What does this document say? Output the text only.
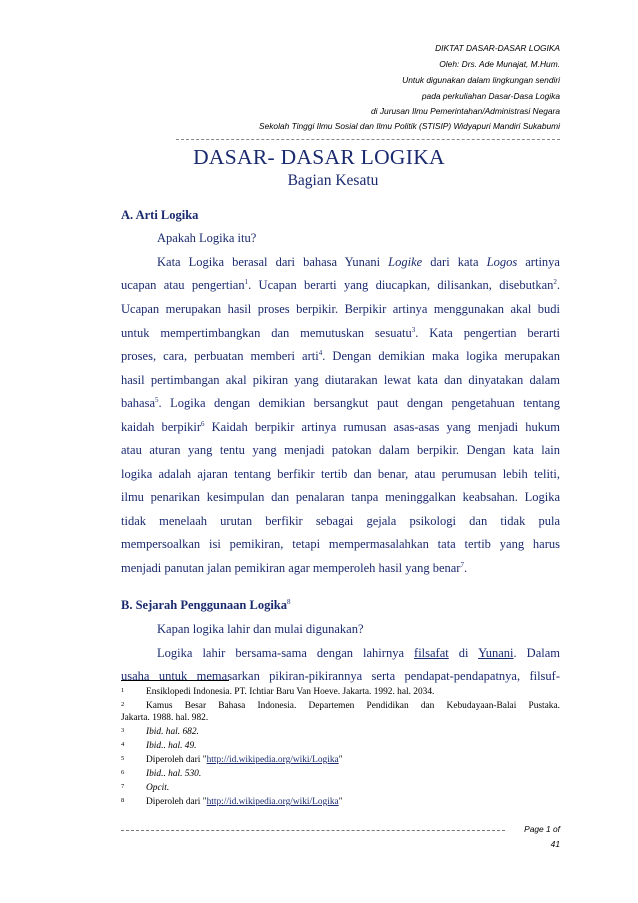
DIKTAT DASAR-DASAR LOGIKA
Oleh: Drs. Ade Munajat, M.Hum.
Untuk digunakan dalam lingkungan sendiri
pada perkuliahan Dasar-Dasa Logika
di Jurusan Ilmu Pemerintahan/Administrasi Negara
Sekolah Tinggi Ilmu Sosial dan Ilmu Politik (STISIP) Widyapuri Mandiri Sukabumi
DASAR- DASAR LOGIKA
Bagian Kesatu
A. Arti Logika
Apakah Logika itu?
Kata Logika berasal dari bahasa Yunani Logike dari kata Logos artinya
ucapan atau pengertian$^1$. Ucapan berarti yang diucapkan, dilisankan, disebutkan$^2$.
Ucapan merupakan hasil proses berpikir. Berpikir artinya menggunakan akal budi
untuk mempertimbangkan dan memutuskan sesuatu$^3$. Kata pengertian berarti
proses, cara, perbuatan memberi arti$^4$. Dengan demikian maka logika merupakan
hasil pertimbangan akal pikiran yang diutarakan lewat kata dan dinyatakan dalam
bahasa$^5$. Logika dengan demikian bersangkut paut dengan pengetahuan tentang
kaidah berpikir$^6$ Kaidah berpikir artinya rumusan asas-asas yang menjadi hukum
atau aturan yang tentu yang menjadi patokan dalam berpikir. Dengan kata lain
logika adalah ajaran tentang berfikir tertib dan benar, atau perumusan lebih teliti,
ilmu penarikan kesimpulan dan penalaran tanpa meninggalkan keabsahan. Logika
tidak menelaah urutan berfikir sebagai gejala psikologi dan tidak pula
mempersoalkan isi pemikiran, tetapi mempermasalahkan tata tertib yang harus
menjadi panutan jalan pemikiran agar memperoleh hasil yang benar$^7$.
B. Sejarah Penggunaan Logika$^8$
Kapan logika lahir dan mulai digunakan?
Logika lahir bersama-sama dengan lahirnya filsafat di Yunani. Dalam
usaha untuk memasarkan pikiran-pikirannya serta pendapat-pendapatnya, filsuf-
1 Ensiklopedi Indonesia. PT. Ichtiar Baru Van Hoeve. Jakarta. 1992. hal. 2034.
2 Kamus Besar Bahasa Indonesia. Departemen Pendidikan dan Kebudayaan-Balai Pustaka.
Jakarta. 1988. hal. 982.
3 Ibid. hal. 682.
4 Ibid.. hal. 49.
5 Diperoleh dari "http://id.wikipedia.org/wiki/Logika"
6 Ibid.. hal. 530.
7 Opcit.
8 Diperoleh dari "http://id.wikipedia.org/wiki/Logika"
Page 1 of
41
